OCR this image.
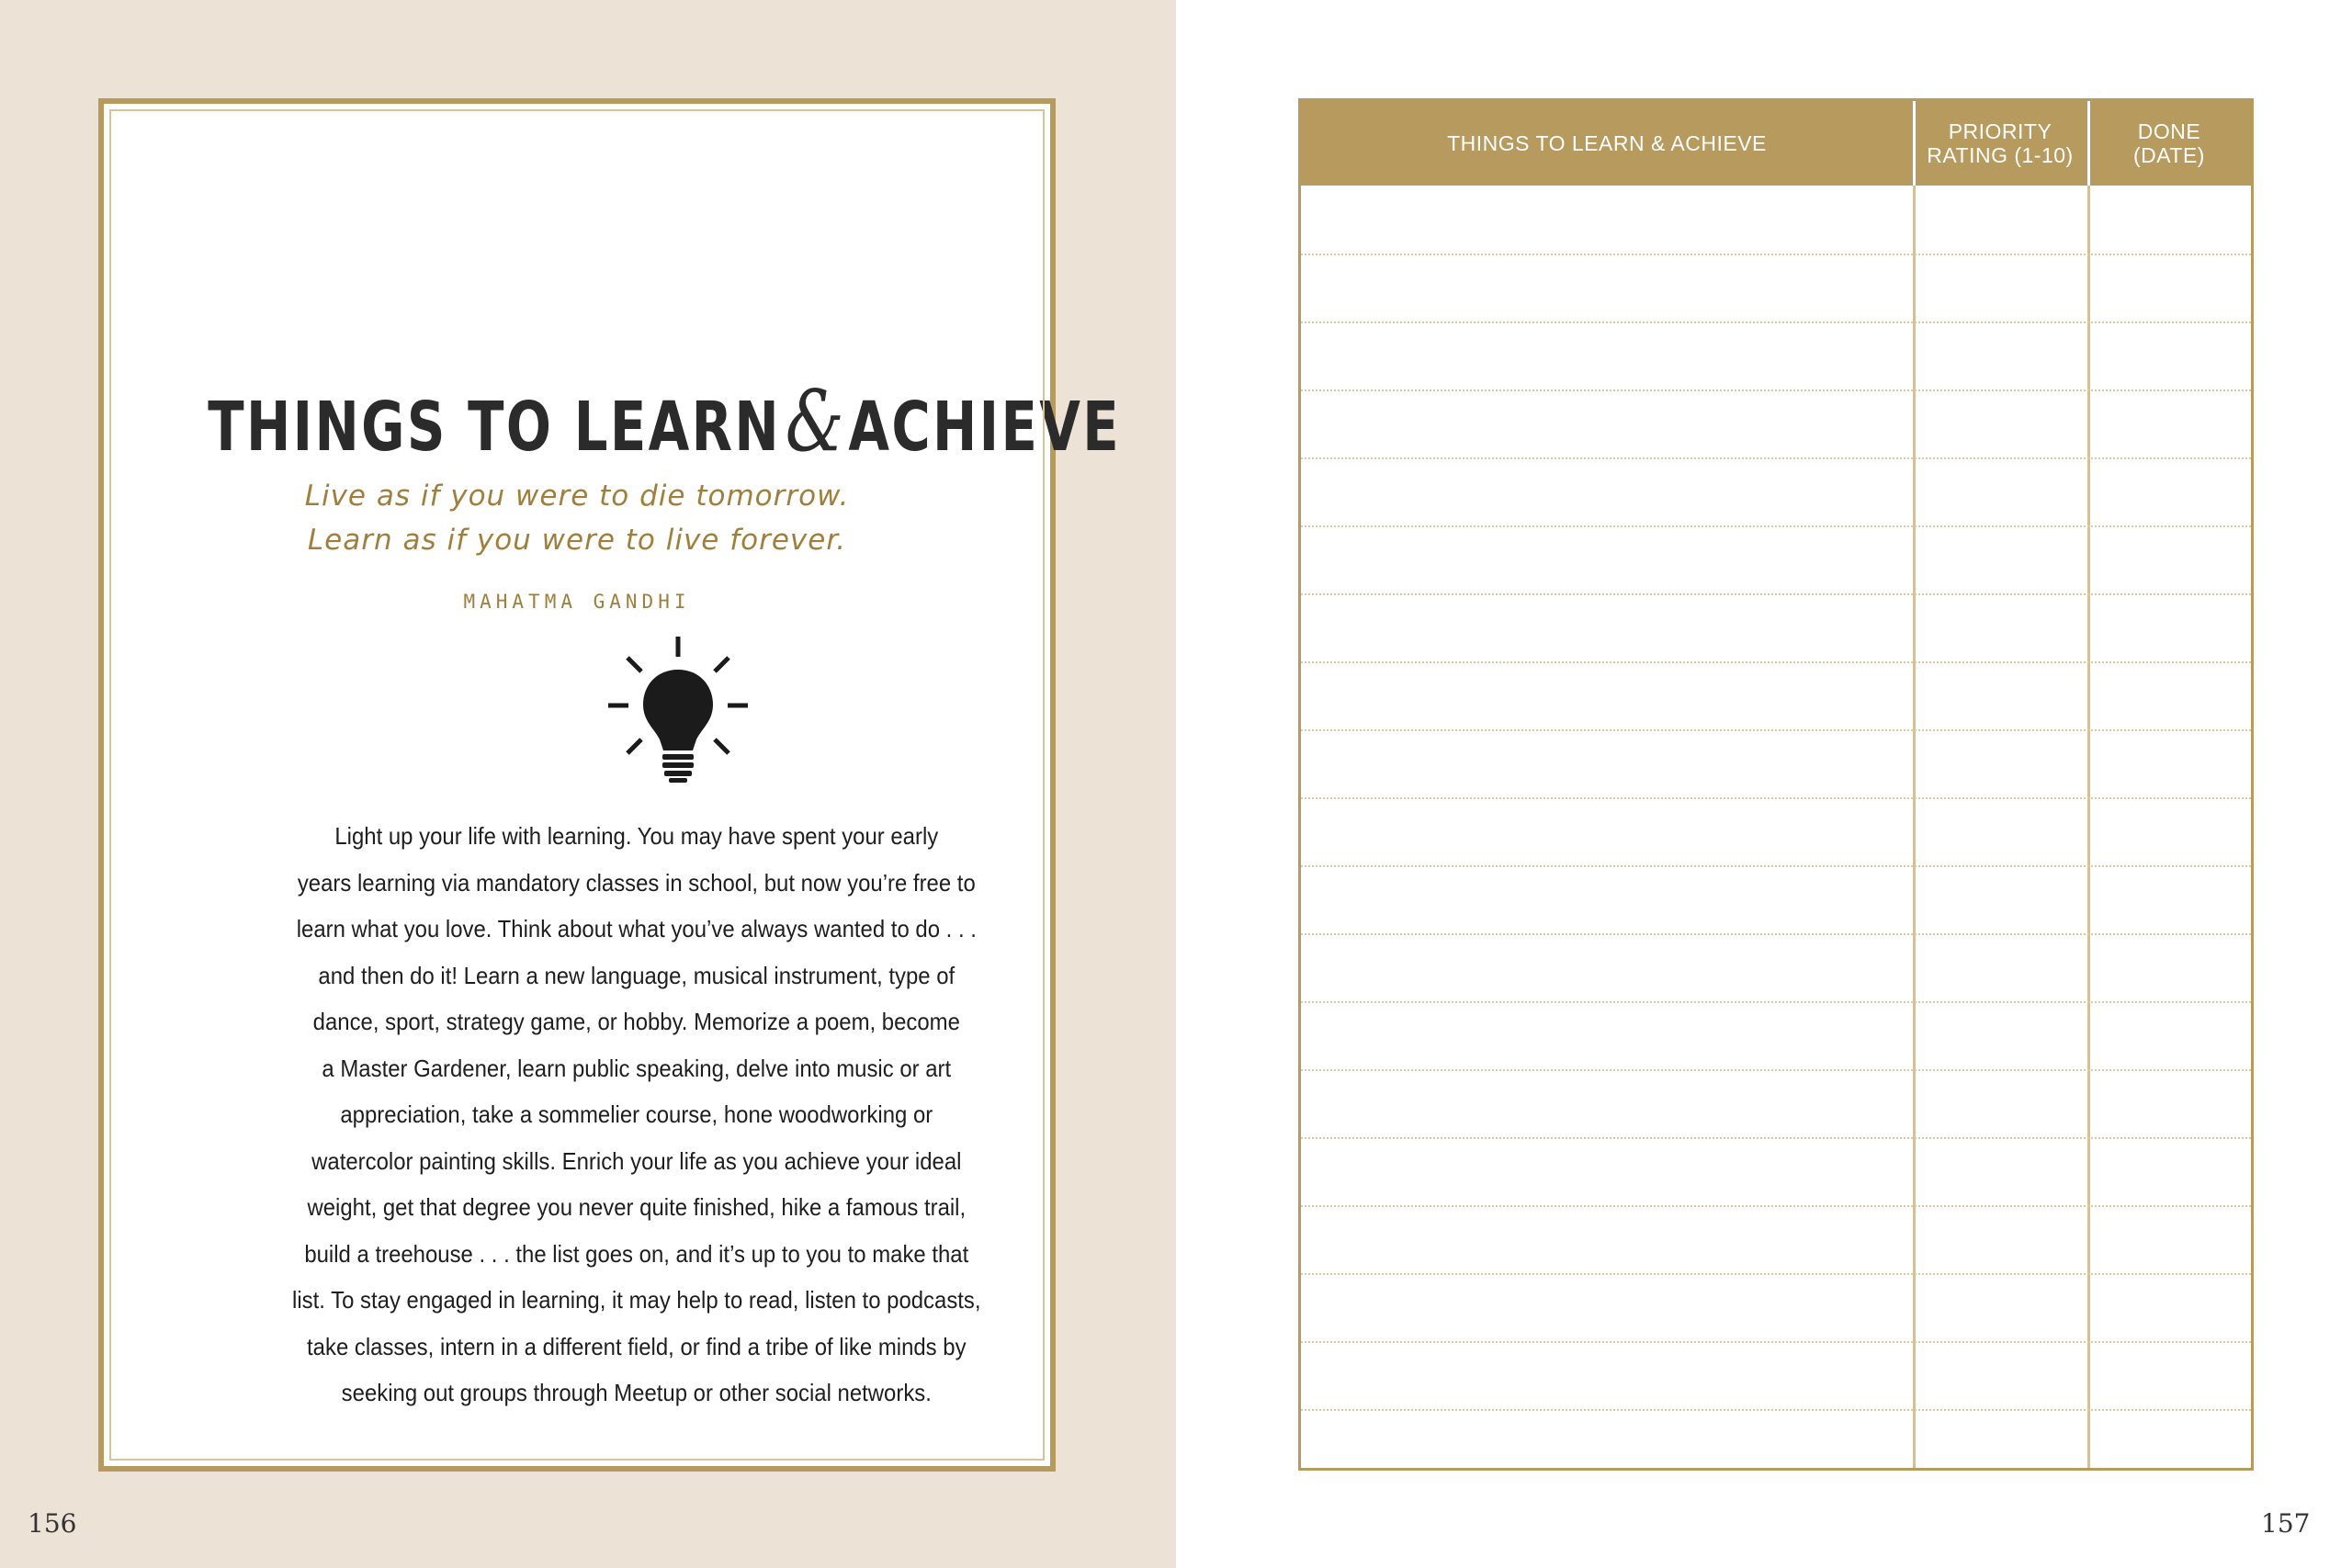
THINGS TO LEARN&ACHIEVE
Live as if you were to die tomorrow.
Learn as if you were to live forever.
MAHATMA GANDHI
Light up your life with learning. You may have spent your early
years learning via mandatory classes in school, but now you’re free to
learn what you love. Think about what you’ve always wanted to do . . .
and then do it! Learn a new language, musical instrument, type of
dance, sport, strategy game, or hobby. Memorize a poem, become
a Master Gardener, learn public speaking, delve into music or art
appreciation, take a sommelier course, hone woodworking or
watercolor painting skills. Enrich your life as you achieve your ideal
weight, get that degree you never quite finished, hike a famous trail,
build a treehouse . . . the list goes on, and it’s up to you to make that
list. To stay engaged in learning, it may help to read, listen to podcasts,
take classes, intern in a different field, or find a tribe of like minds by
seeking out groups through Meetup or other social networks.
156	157
THINGS TO LEARN & ACHIEVE	PRIORITY
RATING (1-10)
DONE
(DATE)
